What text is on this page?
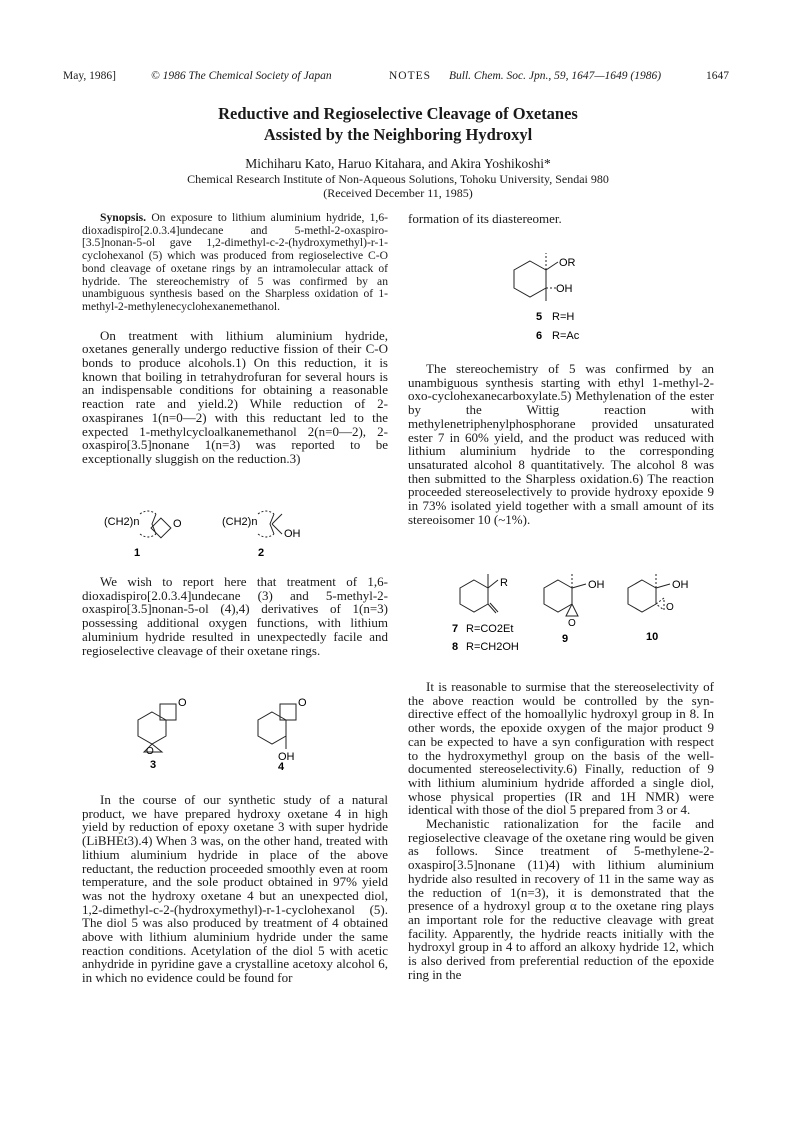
May, 1986]	© 1986 The Chemical Society of Japan	NOTES Bull. Chem. Soc. Jpn., 59, 1647—1649 (1986)	1647
Reductive and Regioselective Cleavage of Oxetanes
Assisted by the Neighboring Hydroxyl
Michiharu Kato, Haruo Kitahara, and Akira Yoshikoshi*
Chemical Research Institute of Non-Aqueous Solutions, Tohoku University, Sendai 980
(Received December 11, 1985)

Synopsis. On exposure to lithium aluminium hydride, 1,6-dioxadispiro[2.0.3.4]undecane and 5-methl-2-oxaspiro-[3.5]nonan-5-ol gave 1,2-dimethyl-c-2-(hydroxymethyl)-r-1-cyclohexanol (5) which was produced from regioselective C-O bond cleavage of oxetane rings by an intramolecular attack of hydride. The stereochemistry of 5 was confirmed by an unambiguous synthesis based on the Sharpless oxidation of 1-methyl-2-methylenecyclohexanemethanol.

On treatment with lithium aluminium hydride, oxetanes generally undergo reductive fission of their C-O bonds to produce alcohols.1) On this reduction, it is known that boiling in tetrahydrofuran for several hours is an indispensable conditions for obtaining a reasonable reaction rate and yield.2) While reduction of 2-oxaspiranes 1(n=0—2) with this reductant led to the expected 1-methylcycloalkanemethanol 2(n=0—2), 2-oxaspiro[3.5]nonane 1(n=3) was reported to be exceptionally sluggish on the reduction.3)

(CH2)n	O
1
(CH2)n
OH
2

We wish to report here that treatment of 1,6-dioxadispiro[2.0.3.4]undecane (3) and 5-methyl-2-oxaspiro[3.5]nonan-5-ol (4),4) derivatives of 1(n=3) possessing additional oxygen functions, with lithium aluminium hydride resulted in unexpectedly facile and regioselective cleavage of their oxetane rings.

O
O
3
O
OH
4

In the course of our synthetic study of a natural product, we have prepared hydroxy oxetane 4 in high yield by reduction of epoxy oxetane 3 with super hydride (LiBHEt3).4) When 3 was, on the other hand, treated with lithium aluminium hydride in place of the above reductant, the reduction proceeded smoothly even at room temperature, and the sole product obtained in 97% yield was not the hydroxy oxetane 4 but an unexpected diol, 1,2-dimethyl-c-2-(hydroxymethyl)-r-1-cyclohexanol (5). The diol 5 was also produced by treatment of 4 obtained above with lithium aluminium hydride under the same reaction conditions. Acetylation of the diol 5 with acetic anhydride in pyridine gave a crystalline acetoxy alcohol 6, in which no evidence could be found for

formation of its diastereomer.

OR
OH
5 R=H
6 R=Ac

The stereochemistry of 5 was confirmed by an unambiguous synthesis starting with ethyl 1-methyl-2-oxo-cyclohexanecarboxylate.5) Methylenation of the ester by the Wittig reaction with methylenetriphenylphosphorane provided unsaturated ester 7 in 60% yield, and the product was reduced with lithium aluminium hydride to the corresponding unsaturated alcohol 8 quantitatively. The alcohol 8 was then submitted to the Sharpless oxidation.6) The reaction proceeded stereoselectively to provide hydroxy epoxide 9 in 73% isolated yield together with a small amount of its stereoisomer 10 (~1%).

R
7 R=CO2Et
8 R=CH2OH
OH
O
9
OH
O
10

It is reasonable to surmise that the stereoselectivity of the above reaction would be controlled by the syn-directive effect of the homoallylic hydroxyl group in 8. In other words, the epoxide oxygen of the major product 9 can be expected to have a syn configuration with respect to the hydroxymethyl group on the basis of the well-documented stereoselectivity.6) Finally, reduction of 9 with lithium aluminium hydride afforded a single diol, whose physical properties (IR and 1H NMR) were identical with those of the diol 5 prepared from 3 or 4.

Mechanistic rationalization for the facile and regioselective cleavage of the oxetane ring would be given as follows. Since treatment of 5-methylene-2-oxaspiro[3.5]nonane (11)4) with lithium aluminium hydride also resulted in recovery of 11 in the same way as the reduction of 1(n=3), it is demonstrated that the presence of a hydroxyl group α to the oxetane ring plays an important role for the reductive cleavage with great facility. Apparently, the hydride reacts initially with the hydroxyl group in 4 to afford an alkoxy hydride 12, which is also derived from preferential reduction of the epoxide ring in the
